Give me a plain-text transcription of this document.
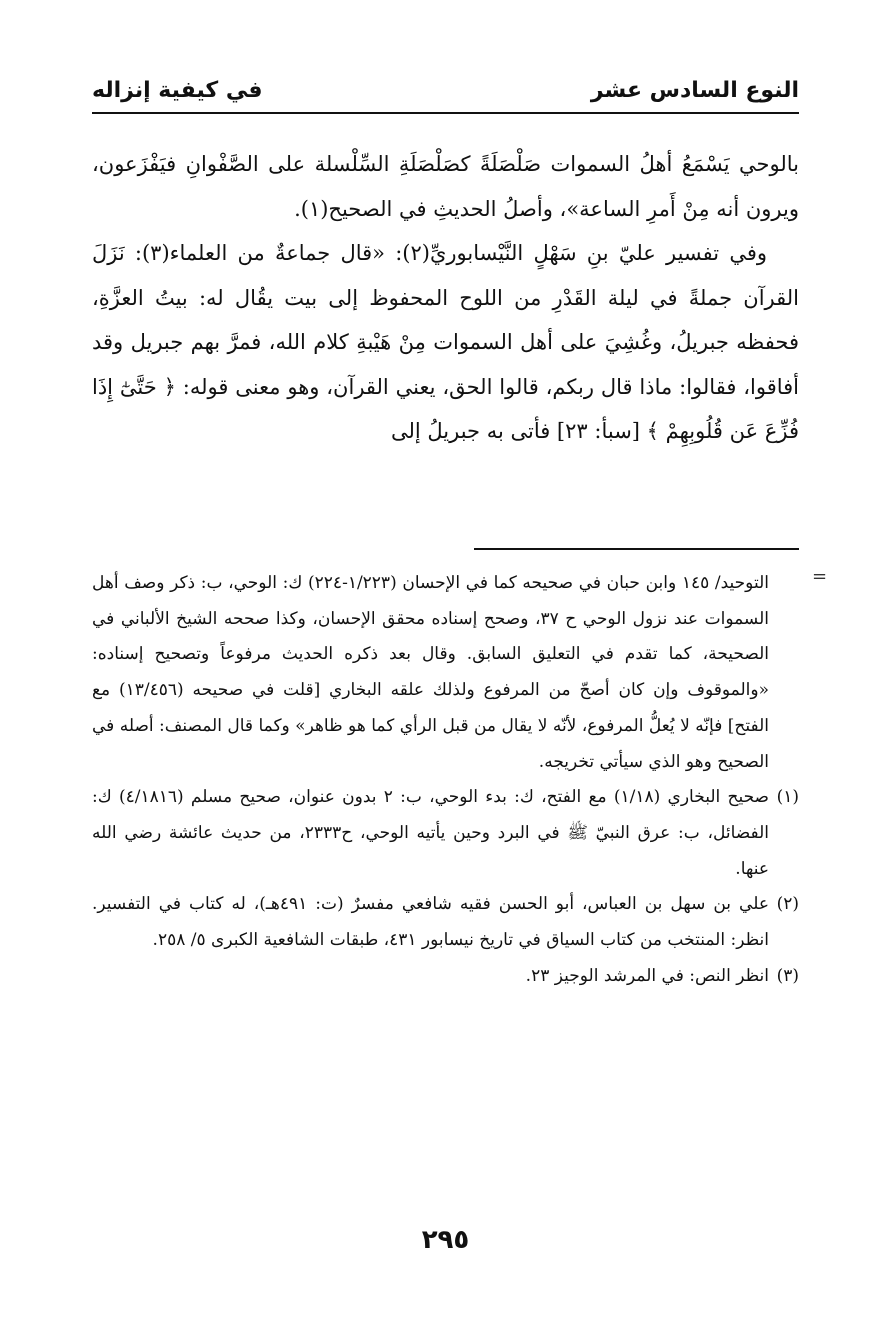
النوع السادس عشر
في كيفية إنزاله

بالوحي يَسْمَعُ أهلُ السموات صَلْصَلَةً كصَلْصَلَةِ السِّلْسلة على الصَّفْوانِ فيَفْزَعون، ويرون أنه مِنْ أَمرِ الساعة»، وأصلُ الحديثِ في الصحيح(١).

وفي تفسير عليّ بنِ سَهْلٍ النَّيْسابوريِّ(٢): «قال جماعةٌ من العلماء(٣): نَزَلَ القرآن جملةً في ليلة القَدْرِ من اللوح المحفوظ إلى بيت يقُال له: بيتُ العزَّةِ، فحفظه جبريلُ، وغُشِيَ على أهل السموات مِنْ هَيْبةِ كلام الله، فمرَّ بهم جبريل وقد أفاقوا، فقالوا: ماذا قال ربكم، قالوا الحق، يعني القرآن، وهو معنى قوله: ﴿ حَتَّىٰٓ إِذَا فُزِّعَ عَن قُلُوبِهِمْ ﴾ [سبأ: ٢٣] فأتى به جبريلُ إلى

=

التوحيد/ ١٤٥ وابن حبان في صحيحه كما في الإحسان (١/٢٢٣-٢٢٤) ك: الوحي، ب: ذكر وصف أهل السموات عند نزول الوحي ح ٣٧، وصحح إسناده محقق الإحسان، وكذا صححه الشيخ الألباني في الصحيحة، كما تقدم في التعليق السابق. وقال بعد ذكره الحديث مرفوعاً وتصحيح إسناده: «والموقوف وإن كان أصحّ من المرفوع ولذلك علقه البخاري [قلت في صحيحه (١٣/٤٥٦) مع الفتح] فإنّه لا يُعلُّ المرفوع، لأنّه لا يقال من قبل الرأي كما هو ظاهر» وكما قال المصنف: أصله في الصحيح وهو الذي سيأتي تخريجه.

(١)
صحيح البخاري (١/١٨) مع الفتح، ك: بدء الوحي، ب: ٢ بدون عنوان، صحيح مسلم (٤/١٨١٦) ك: الفضائل، ب: عرق النبيّ ﷺ في البرد وحين يأتيه الوحي، ح٢٣٣٣، من حديث عائشة رضي الله عنها.
(٢)
علي بن سهل بن العباس، أبو الحسن فقيه شافعي مفسرٌ (ت: ٤٩١هـ)، له كتاب في التفسير. انظر: المنتخب من كتاب السياق في تاريخ نيسابور ٤٣١، طبقات الشافعية الكبرى ٥/ ٢٥٨.
(٣)
انظر النص: في المرشد الوجيز ٢٣.
٢٩٥
